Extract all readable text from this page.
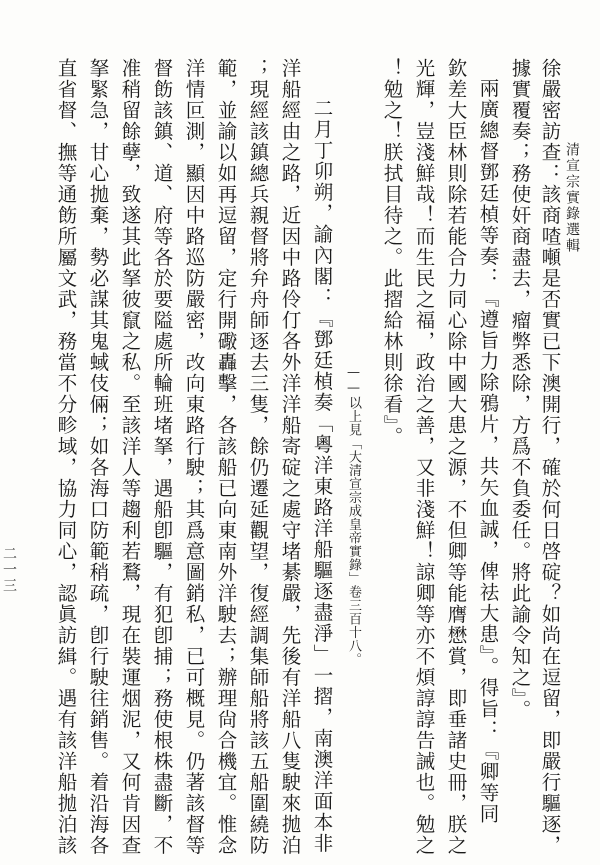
徐嚴密訪查：該商喳噸是否實已下澳開行，確於何日啓碇？如尚在逗留，即嚴行驅逐，
據實覆奏；務使奸商盡去，瘤弊悉除，方爲不負委任。將此諭令知之』。
兩廣總督鄧廷楨等奏：『遵旨力除鴉片，共矢血誠，俾祛大患』。得旨：『卿等同
欽差大臣林則除若能合力同心除中國大患之源，不但卿等能膺懋賞，即垂諸史冊，朕之
光輝，豈淺鮮哉！而生民之福，政治之善，又非淺鮮！諒卿等亦不煩諄諄告誡也。勉之
！勉之！朕拭目待之。此摺給林則徐看』。
——以上見「大清宣宗成皇帝實錄」卷三百十八。
二月丁卯朔，諭內閣：『鄧廷楨奏「粵洋東路洋船驅逐盡淨」一摺，南澳洋面本非
洋船經由之路，近因中路伶仃各外洋洋船寄碇之處守堵綦嚴，先後有洋船八隻駛來拋泊
；現經該鎮總兵親督將弁舟師逐去三隻，餘仍遷延觀望，復經調集師船將該五船圍繞防
範，並諭以如再逗留，定行開礮轟擊，各該船已向東南外洋駛去；辦理尙合機宜。惟念
洋情叵測，顯因中路巡防嚴密，改向東路行駛；其爲意圖銷私，已可概見。仍著該督等
督飭該鎮、道、府等各於要隘處所輪班堵拏，遇船卽驅，有犯卽捕；務使根株盡斷，不
准稍留餘孽，致遂其此拏彼竄之私。至該洋人等趨利若鶩，現在裝運烟泥，又何肯因查
拏緊急，甘心拋棄，勢必謀其鬼蜮伎倆；如各海口防範稍疏，卽行駛往銷售。着沿海各
直省督、撫等通飭所屬文武，務當不分畛域，協力同心，認眞訪緝。遇有該洋船拋泊該	清宣宗實錄選輯
二一三
